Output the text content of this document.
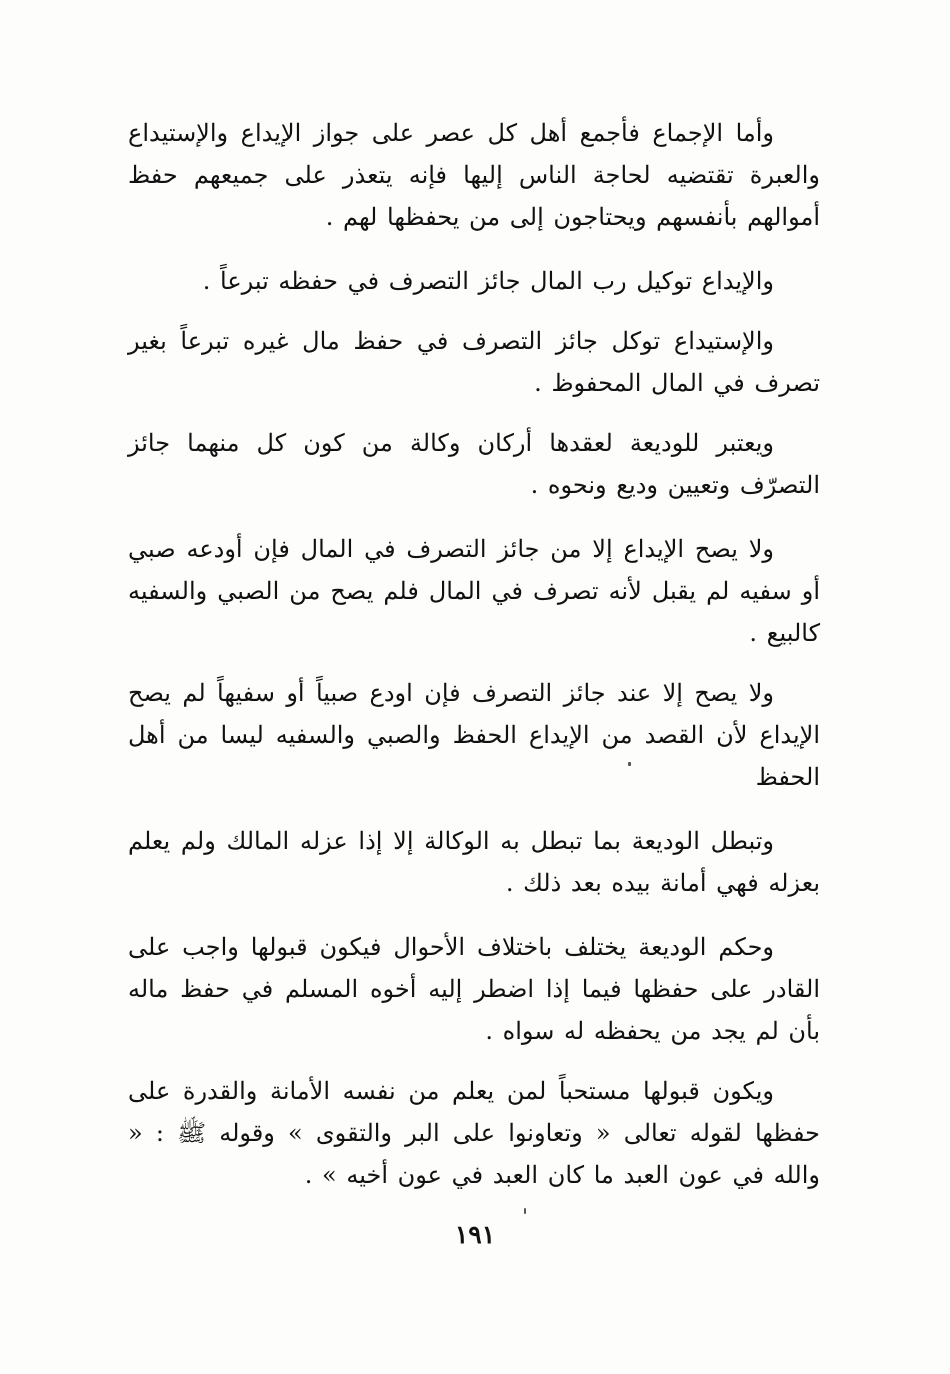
وأما الإجماع فأجمع أهل كل عصر على جواز الإيداع والإستيداع والعبرة تقتضيه لحاجة الناس إليها فإنه يتعذر على جميعهم حفظ أموالهم بأنفسهم ويحتاجون إلى من يحفظها لهم .

والإيداع توكيل رب المال جائز التصرف في حفظه تبرعاً .

والإستيداع توكل جائز التصرف في حفظ مال غيره تبرعاً بغير تصرف في المال المحفوظ .

ويعتبر للوديعة لعقدها أركان وكالة من كون كل منهما جائز التصرّف وتعيين وديع ونحوه .

ولا يصح الإيداع إلا من جائز التصرف في المال فإن أودعه صبي أو سفيه لم يقبل لأنه تصرف في المال فلم يصح من الصبي والسفيه كالبيع .

ولا يصح إلا عند جائز التصرف فإن اودع صبياً أو سفيهاً لم يصح الإيداع لأن القصد من الإيداع الحفظ والصبي والسفيه ليسا من أهل الحفظ

وتبطل الوديعة بما تبطل به الوكالة إلا إذا عزله المالك ولم يعلم بعزله فهي أمانة بيده بعد ذلك .

وحكم الوديعة يختلف باختلاف الأحوال فيكون قبولها واجب على القادر على حفظها فيما إذا اضطر إليه أخوه المسلم في حفظ ماله بأن لم يجد من يحفظه له سواه .

ويكون قبولها مستحباً لمن يعلم من نفسه الأمانة والقدرة على حفظها لقوله تعالى « وتعاونوا على البر والتقوى » وقوله ﷺ : « والله في عون العبد ما كان العبد في عون أخيه » .

١٩١
